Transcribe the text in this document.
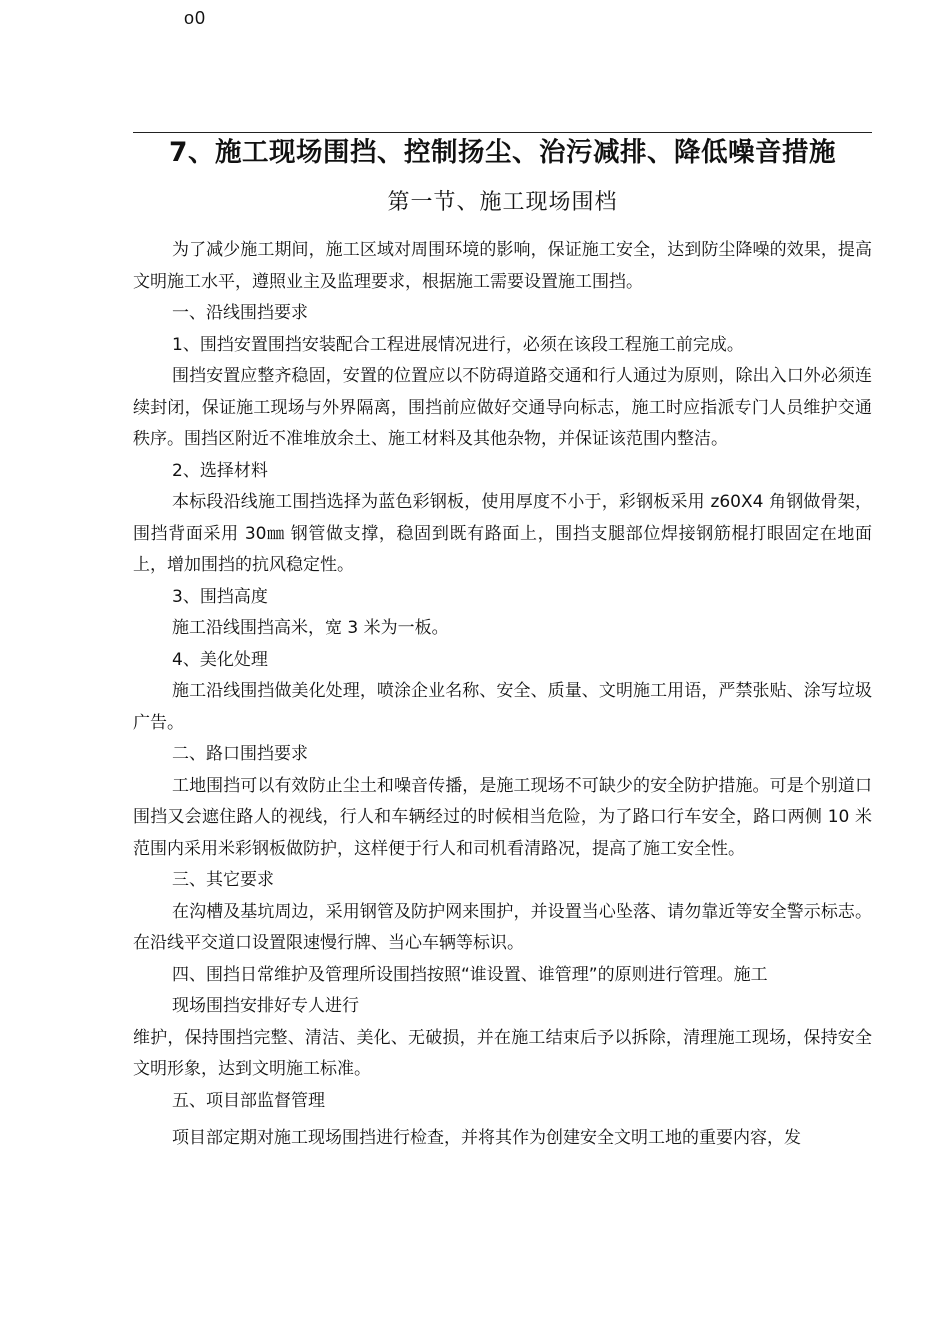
o0
7、施工现场围挡、控制扬尘、治污减排、降低噪音措施
第一节、施工现场围档

为了减少施工期间，施工区域对周围环境的影响，保证施工安全，达到防尘降噪的效果，提高文明施工水平，遵照业主及监理要求，根据施工需要设置施工围挡。

一、沿线围挡要求

1、围挡安置围挡安装配合工程进展情况进行，必须在该段工程施工前完成。

围挡安置应整齐稳固，安置的位置应以不防碍道路交通和行人通过为原则，除出入口外必须连续封闭，保证施工现场与外界隔离，围挡前应做好交通导向标志，施工时应指派专门人员维护交通秩序。围挡区附近不准堆放余土、施工材料及其他杂物，并保证该范围内整洁。

2、选择材料

本标段沿线施工围挡选择为蓝色彩钢板，使用厚度不小于，彩钢板采用 z60X4 角钢做骨架，围挡背面采用 30㎜ 钢管做支撑，稳固到既有路面上，围挡支腿部位焊接钢筋棍打眼固定在地面上，增加围挡的抗风稳定性。

3、围挡高度

施工沿线围挡高米，宽 3 米为一板。

4、美化处理

施工沿线围挡做美化处理，喷涂企业名称、安全、质量、文明施工用语，严禁张贴、涂写垃圾广告。

二、路口围挡要求

工地围挡可以有效防止尘土和噪音传播，是施工现场不可缺少的安全防护措施。可是个别道口围挡又会遮住路人的视线，行人和车辆经过的时候相当危险，为了路口行车安全，路口两侧 10 米范围内采用米彩钢板做防护，这样便于行人和司机看清路况，提高了施工安全性。

三、其它要求

在沟槽及基坑周边，采用钢管及防护网来围护，并设置当心坠落、请勿靠近等安全警示标志。在沿线平交道口设置限速慢行牌、当心车辆等标识。

四、围挡日常维护及管理所设围挡按照“谁设置、谁管理”的原则进行管理。施工

现场围挡安排好专人进行

维护，保持围挡完整、清洁、美化、无破损，并在施工结束后予以拆除，清理施工现场，保持安全文明形象，达到文明施工标准。

五、项目部监督管理

项目部定期对施工现场围挡进行检查，并将其作为创建安全文明工地的重要内容，发
